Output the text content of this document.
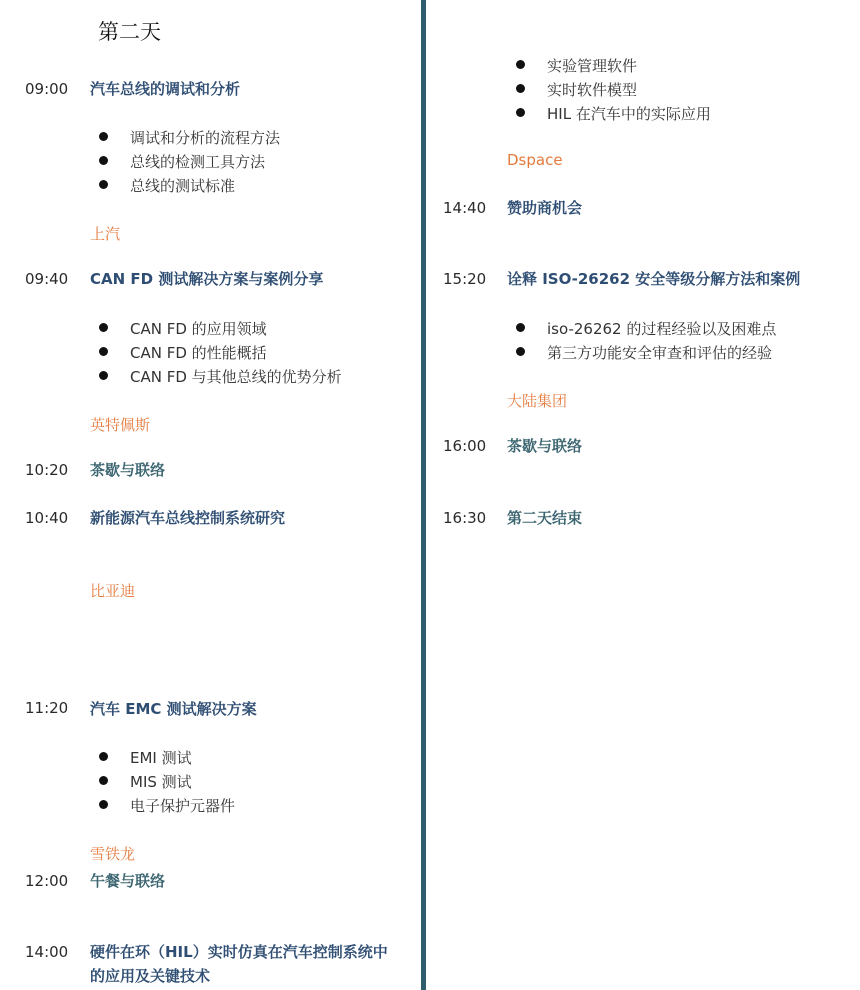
第二天
09:00 汽车总线的调试和分析
调试和分析的流程方法
总线的检测工具方法
总线的测试标准
上汽
09:40 CAN FD 测试解决方案与案例分享
CAN FD 的应用领域
CAN FD 的性能概括
CAN FD 与其他总线的优势分析
英特佩斯
10:20 茶歇与联络
10:40 新能源汽车总线控制系统研究
比亚迪
11:20 汽车 EMC 测试解决方案
EMI 测试
MIS 测试
电子保护元器件
雪铁龙
12:00 午餐与联络
14:00 硬件在环（HIL）实时仿真在汽车控制系统中
的应用及关键技术
实验管理软件
实时软件模型
HIL 在汽车中的实际应用
Dspace
14:40 赞助商机会
15:20 诠释 ISO-26262 安全等级分解方法和案例
iso-26262 的过程经验以及困难点
第三方功能安全审查和评估的经验
大陆集团
16:00 茶歇与联络
16:30 第二天结束
